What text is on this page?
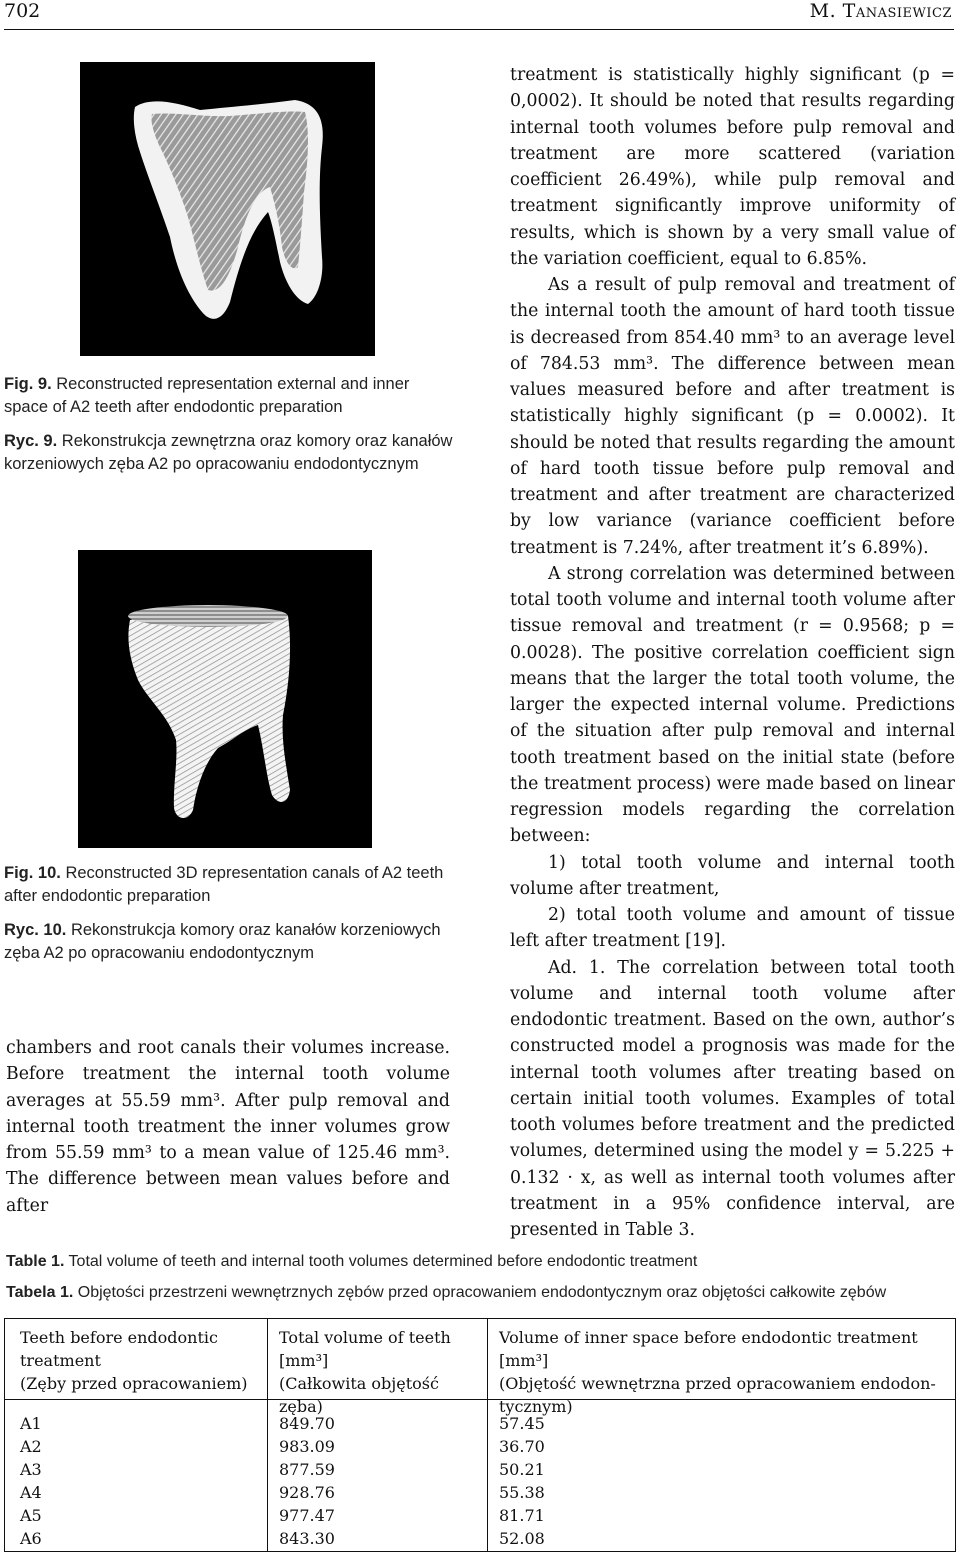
702	M. Tanasiewicz
Fig. 9. Reconstructed representation external and inner space of A2 teeth after endodontic preparation
Ryc. 9. Rekonstrukcja zewnętrzna oraz komory oraz kanałów korzeniowych zęba A2 po opracowaniu endodontycznym
Fig. 10. Reconstructed 3D representation canals of A2 teeth after endodontic preparation
Ryc. 10. Rekonstrukcja komory oraz kanałów korzeniowych zęba A2 po opracowaniu endodontycznym

chambers and root canals their volumes increase. Before treatment the internal tooth volume averages at 55.59 mm³. After pulp removal and internal tooth treatment the inner volumes grow from 55.59 mm³ to a mean value of 125.46 mm³. The difference between mean values before and after

treatment is statistically highly significant (p = 0,0002). It should be noted that results regarding internal tooth volumes before pulp removal and treatment are more scattered (variation coefficient 26.49%), while pulp removal and treatment significantly improve uniformity of results, which is shown by a very small value of the variation coefficient, equal to 6.85%.

As a result of pulp removal and treatment of the internal tooth the amount of hard tooth tissue is decreased from 854.40 mm³ to an average level of 784.53 mm³. The difference between mean values measured before and after treatment is statistically highly significant (p = 0.0002). It should be noted that results regarding the amount of hard tooth tissue before pulp removal and treatment and after treatment are characterized by low variance (variance coefficient before treatment is 7.24%, after treatment it’s 6.89%).

A strong correlation was determined between total tooth volume and internal tooth volume after tissue removal and treatment (r = 0.9568; p = 0.0028). The positive correlation coefficient sign means that the larger the total tooth volume, the larger the expected internal volume. Predictions of the situation after pulp removal and internal tooth treatment based on the initial state (before the treatment process) were made based on linear regression models regarding the correlation between:

1) total tooth volume and internal tooth volume after treatment,

2) total tooth volume and amount of tissue left after treatment [19].

Ad. 1. The correlation between total tooth volume and internal tooth volume after endodontic treatment. Based on the own, author’s constructed model a prognosis was made for the internal tooth volumes after treating based on certain initial tooth volumes. Examples of total tooth volumes before treatment and the predicted volumes, determined using the model y = 5.225 + 0.132 · x, as well as internal tooth volumes after treatment in a 95% confidence interval, are presented in Table 3.

Table 1. Total volume of teeth and internal tooth volumes determined before endodontic treatment
Tabela 1. Objętości przestrzeni wewnętrznych zębów przed opracowaniem endodontycznym oraz objętości całkowite zębów
Teeth before endodontic
treatment
(Zęby przed opracowaniem)
Total volume of teeth
[mm³]
(Całkowita objętość zęba)
Volume of inner space before endodontic treatment [mm³]
(Objętość wewnętrzna przed opracowaniem endodon-
tycznym)
A1
A2
A3
A4
A5
A6
849.70
983.09
877.59
928.76
977.47
843.30
57.45
36.70
50.21
55.38
81.71
52.08
